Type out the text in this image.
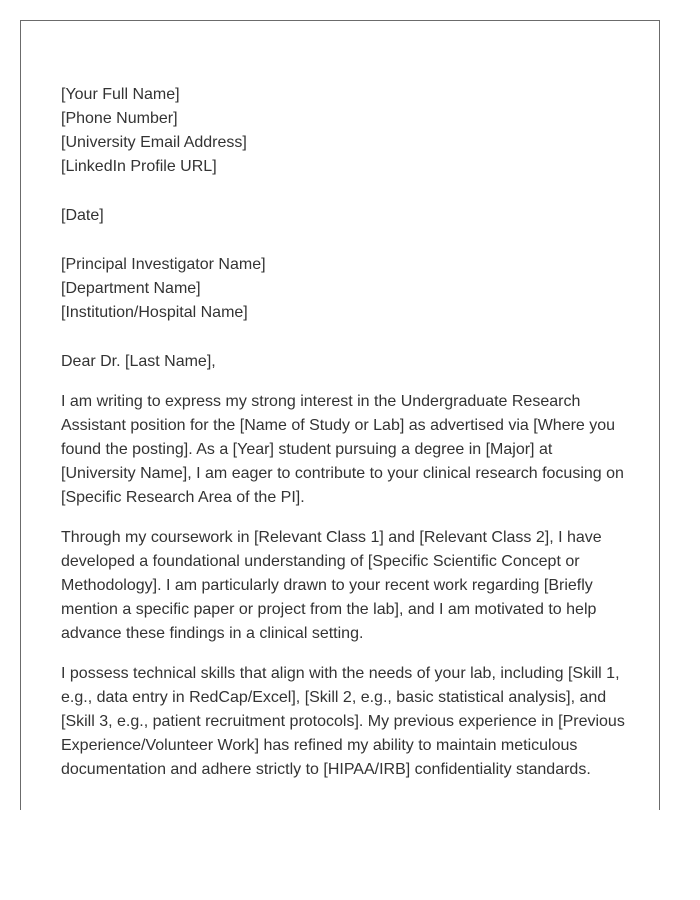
[Your Full Name]
[Phone Number]
[University Email Address]
[LinkedIn Profile URL]
[Date]
[Principal Investigator Name]
[Department Name]
[Institution/Hospital Name]

Dear Dr. [Last Name],

I am writing to express my strong interest in the Undergraduate Research Assistant position for the [Name of Study or Lab] as advertised via [Where you found the posting]. As a [Year] student pursuing a degree in [Major] at [University Name], I am eager to contribute to your clinical research focusing on [Specific Research Area of the PI].

Through my coursework in [Relevant Class 1] and [Relevant Class 2], I have developed a foundational understanding of [Specific Scientific Concept or Methodology]. I am particularly drawn to your recent work regarding [Briefly mention a specific paper or project from the lab], and I am motivated to help advance these findings in a clinical setting.

I possess technical skills that align with the needs of your lab, including [Skill 1, e.g., data entry in RedCap/Excel], [Skill 2, e.g., basic statistical analysis], and [Skill 3, e.g., patient recruitment protocols]. My previous experience in [Previous Experience/Volunteer Work] has refined my ability to maintain meticulous documentation and adhere strictly to [HIPAA/IRB] confidentiality standards.
